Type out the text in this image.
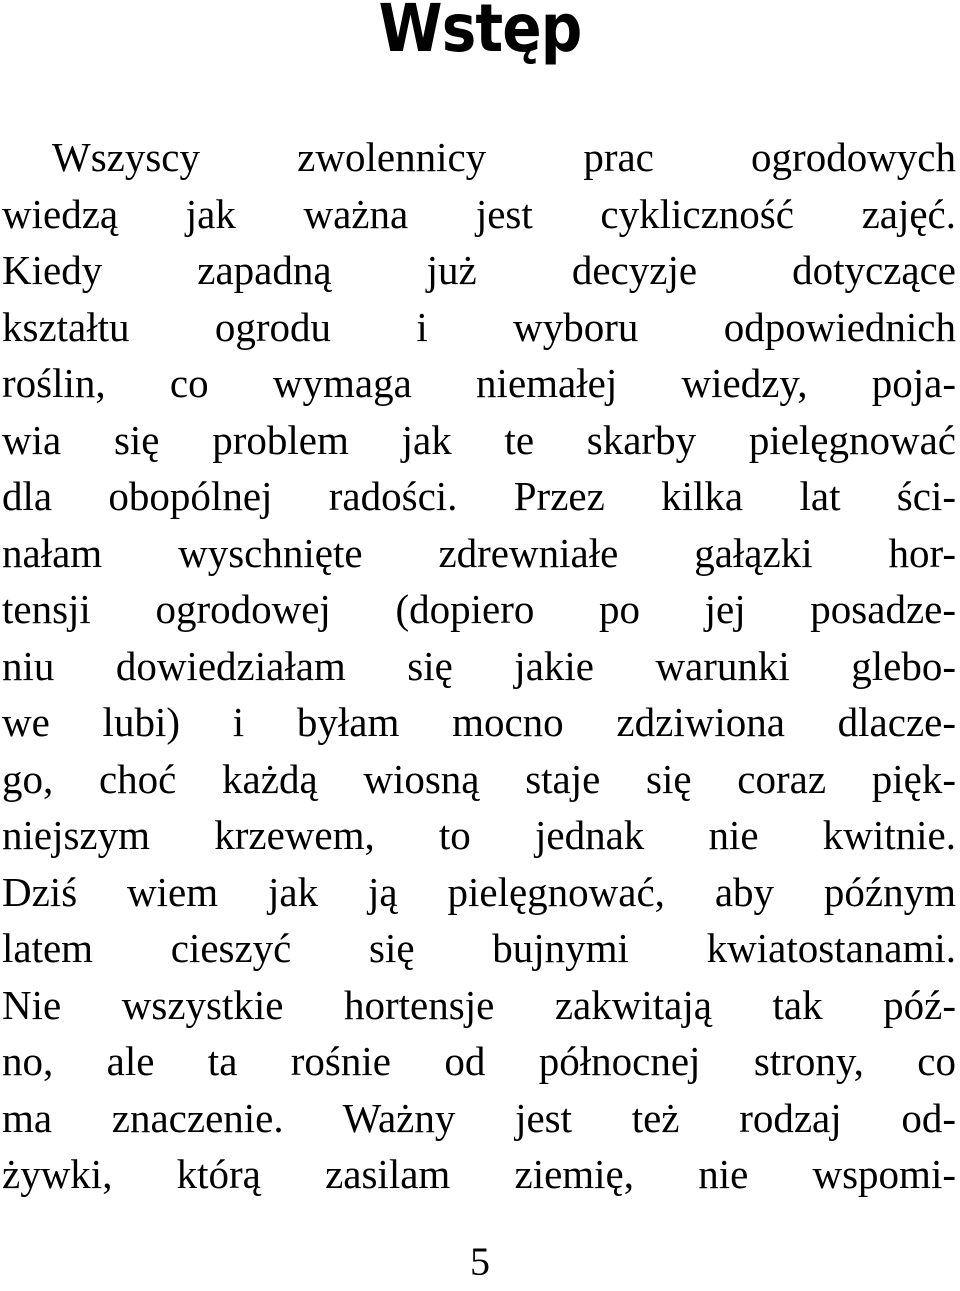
Wstęp
Wszyscy zwolennicy prac ogrodowych
wiedzą jak ważna jest cykliczność zajęć.
Kiedy zapadną już decyzje dotyczące
kształtu ogrodu i wyboru odpowiednich
roślin, co wymaga niemałej wiedzy, poja-
wia się problem jak te skarby pielęgnować
dla obopólnej radości. Przez kilka lat ści-
nałam wyschnięte zdrewniałe gałązki hor-
tensji ogrodowej (dopiero po jej posadze-
niu dowiedziałam się jakie warunki glebo-
we lubi) i byłam mocno zdziwiona dlacze-
go, choć każdą wiosną staje się coraz pięk-
niejszym krzewem, to jednak nie kwitnie.
Dziś wiem jak ją pielęgnować, aby późnym
latem cieszyć się bujnymi kwiatostanami.
Nie wszystkie hortensje zakwitają tak póź-
no, ale ta rośnie od północnej strony, co
ma znaczenie. Ważny jest też rodzaj od-
żywki, którą zasilam ziemię, nie wspomi-
5
